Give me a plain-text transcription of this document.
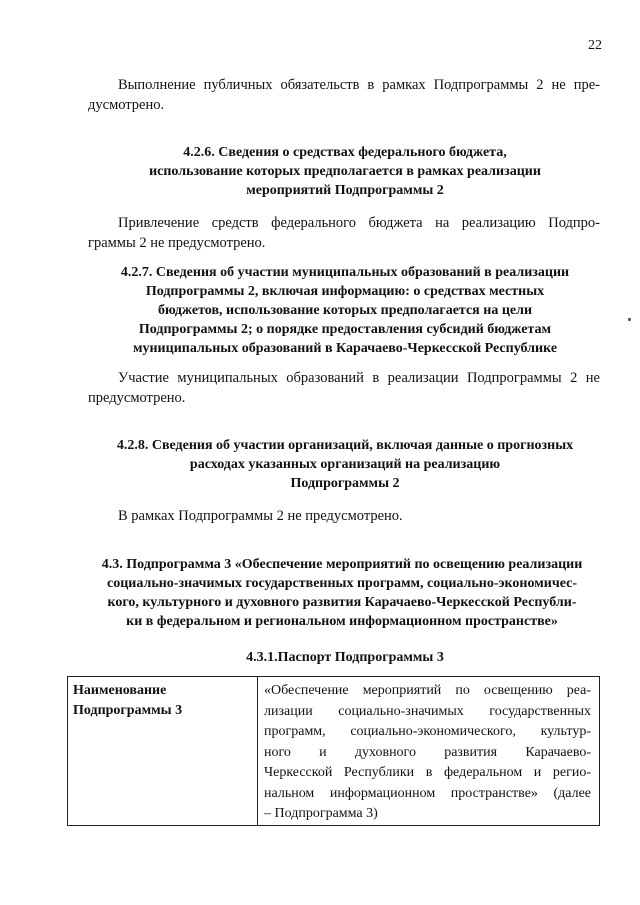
22
Выполнение публичных обязательств в рамках Подпрограммы 2 не пре-
дусмотрено.
4.2.6. Сведения о средствах федерального бюджета,
использование которых предполагается в рамках реализации
мероприятий Подпрограммы 2
Привлечение средств федерального бюджета на реализацию Подпро-
граммы 2 не предусмотрено.
4.2.7. Сведения об участии муниципальных образований в реализации
Подпрограммы 2, включая информацию: о средствах местных
бюджетов, использование которых предполагается на цели
Подпрограммы 2; о порядке предоставления субсидий бюджетам
муниципальных образований в Карачаево-Черкесской Республике
Участие муниципальных образований в реализации Подпрограммы 2 не
предусмотрено.
4.2.8. Сведения об участии организаций, включая данные о прогнозных
расходах указанных организаций на реализацию
Подпрограммы 2
В рамках Подпрограммы 2 не предусмотрено.
4.3. Подпрограмма 3 «Обеспечение мероприятий по освещению реализации
социально-значимых государственных программ, социально-экономичес-
кого, культурного и духовного развития Карачаево-Черкесской Республи-
ки в федеральном и региональном информационном пространстве»
4.3.1.Паспорт Подпрограммы 3
Наименование
Подпрограммы 3
«Обеспечение мероприятий по освещению реа-
лизации социально-значимых государственных
программ, социально-экономического, культур-
ного и духовного развития Карачаево-
Черкесской Республики в федеральном и регио-
нальном информационном пространстве» (далее
– Подпрограмма 3)
